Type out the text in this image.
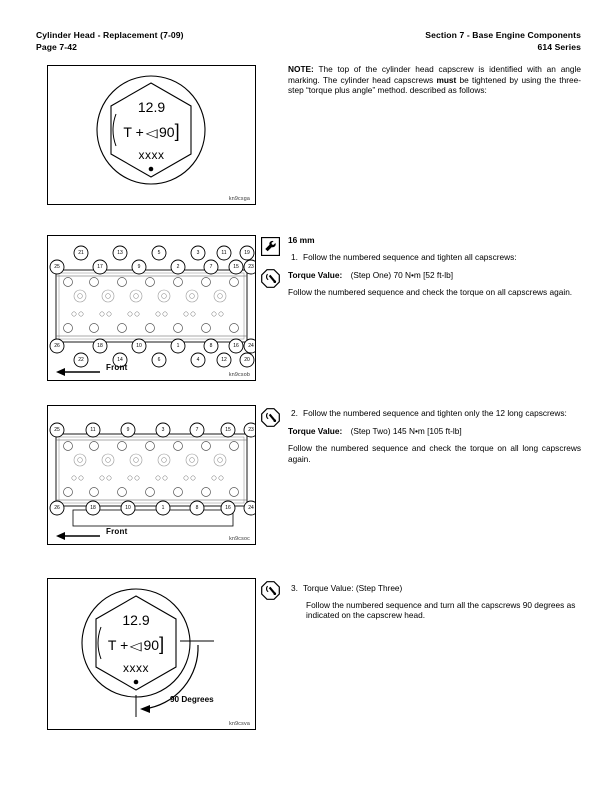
Cylinder Head - Replacement (7-09)
Page 7-42
Section 7 - Base Engine Components
614 Series
12.9
T + ◁ 90]
xxxx
kn9csga
NOTE: The top of the cylinder head capscrew is identified with an angle marking. The cylinder head capscrews must be tightened by using the three-step “torque plus angle” method. described as follows:
21	13	5	3	11	19
25	17	9	2	7	15 23
26	18	10	1	8	16 24
22	14	6	4	12	20
Front
kn9csob
16 mm
1. Follow the numbered sequence and tighten all capscrews:
Torque Value: (Step One) 70 N•m [52 ft-lb]
Follow the numbered sequence and check the torque on all capscrews again.
25	11	9	3	7	15	23
26	18	10	1	8	16	24
Front
kn9csoc
2. Follow the numbered sequence and tighten only the 12 long capscrews:
Torque Value: (Step Two) 145 N•m [105 ft-lb]
Follow the numbered sequence and check the torque on all long capscrews again.
12.9
T + ◁ 90]
xxxx
90 Degrees
kn9csva
3. Torque Value: (Step Three)
Follow the numbered sequence and turn all the capscrews 90 degrees as indicated on the capscrew head.
